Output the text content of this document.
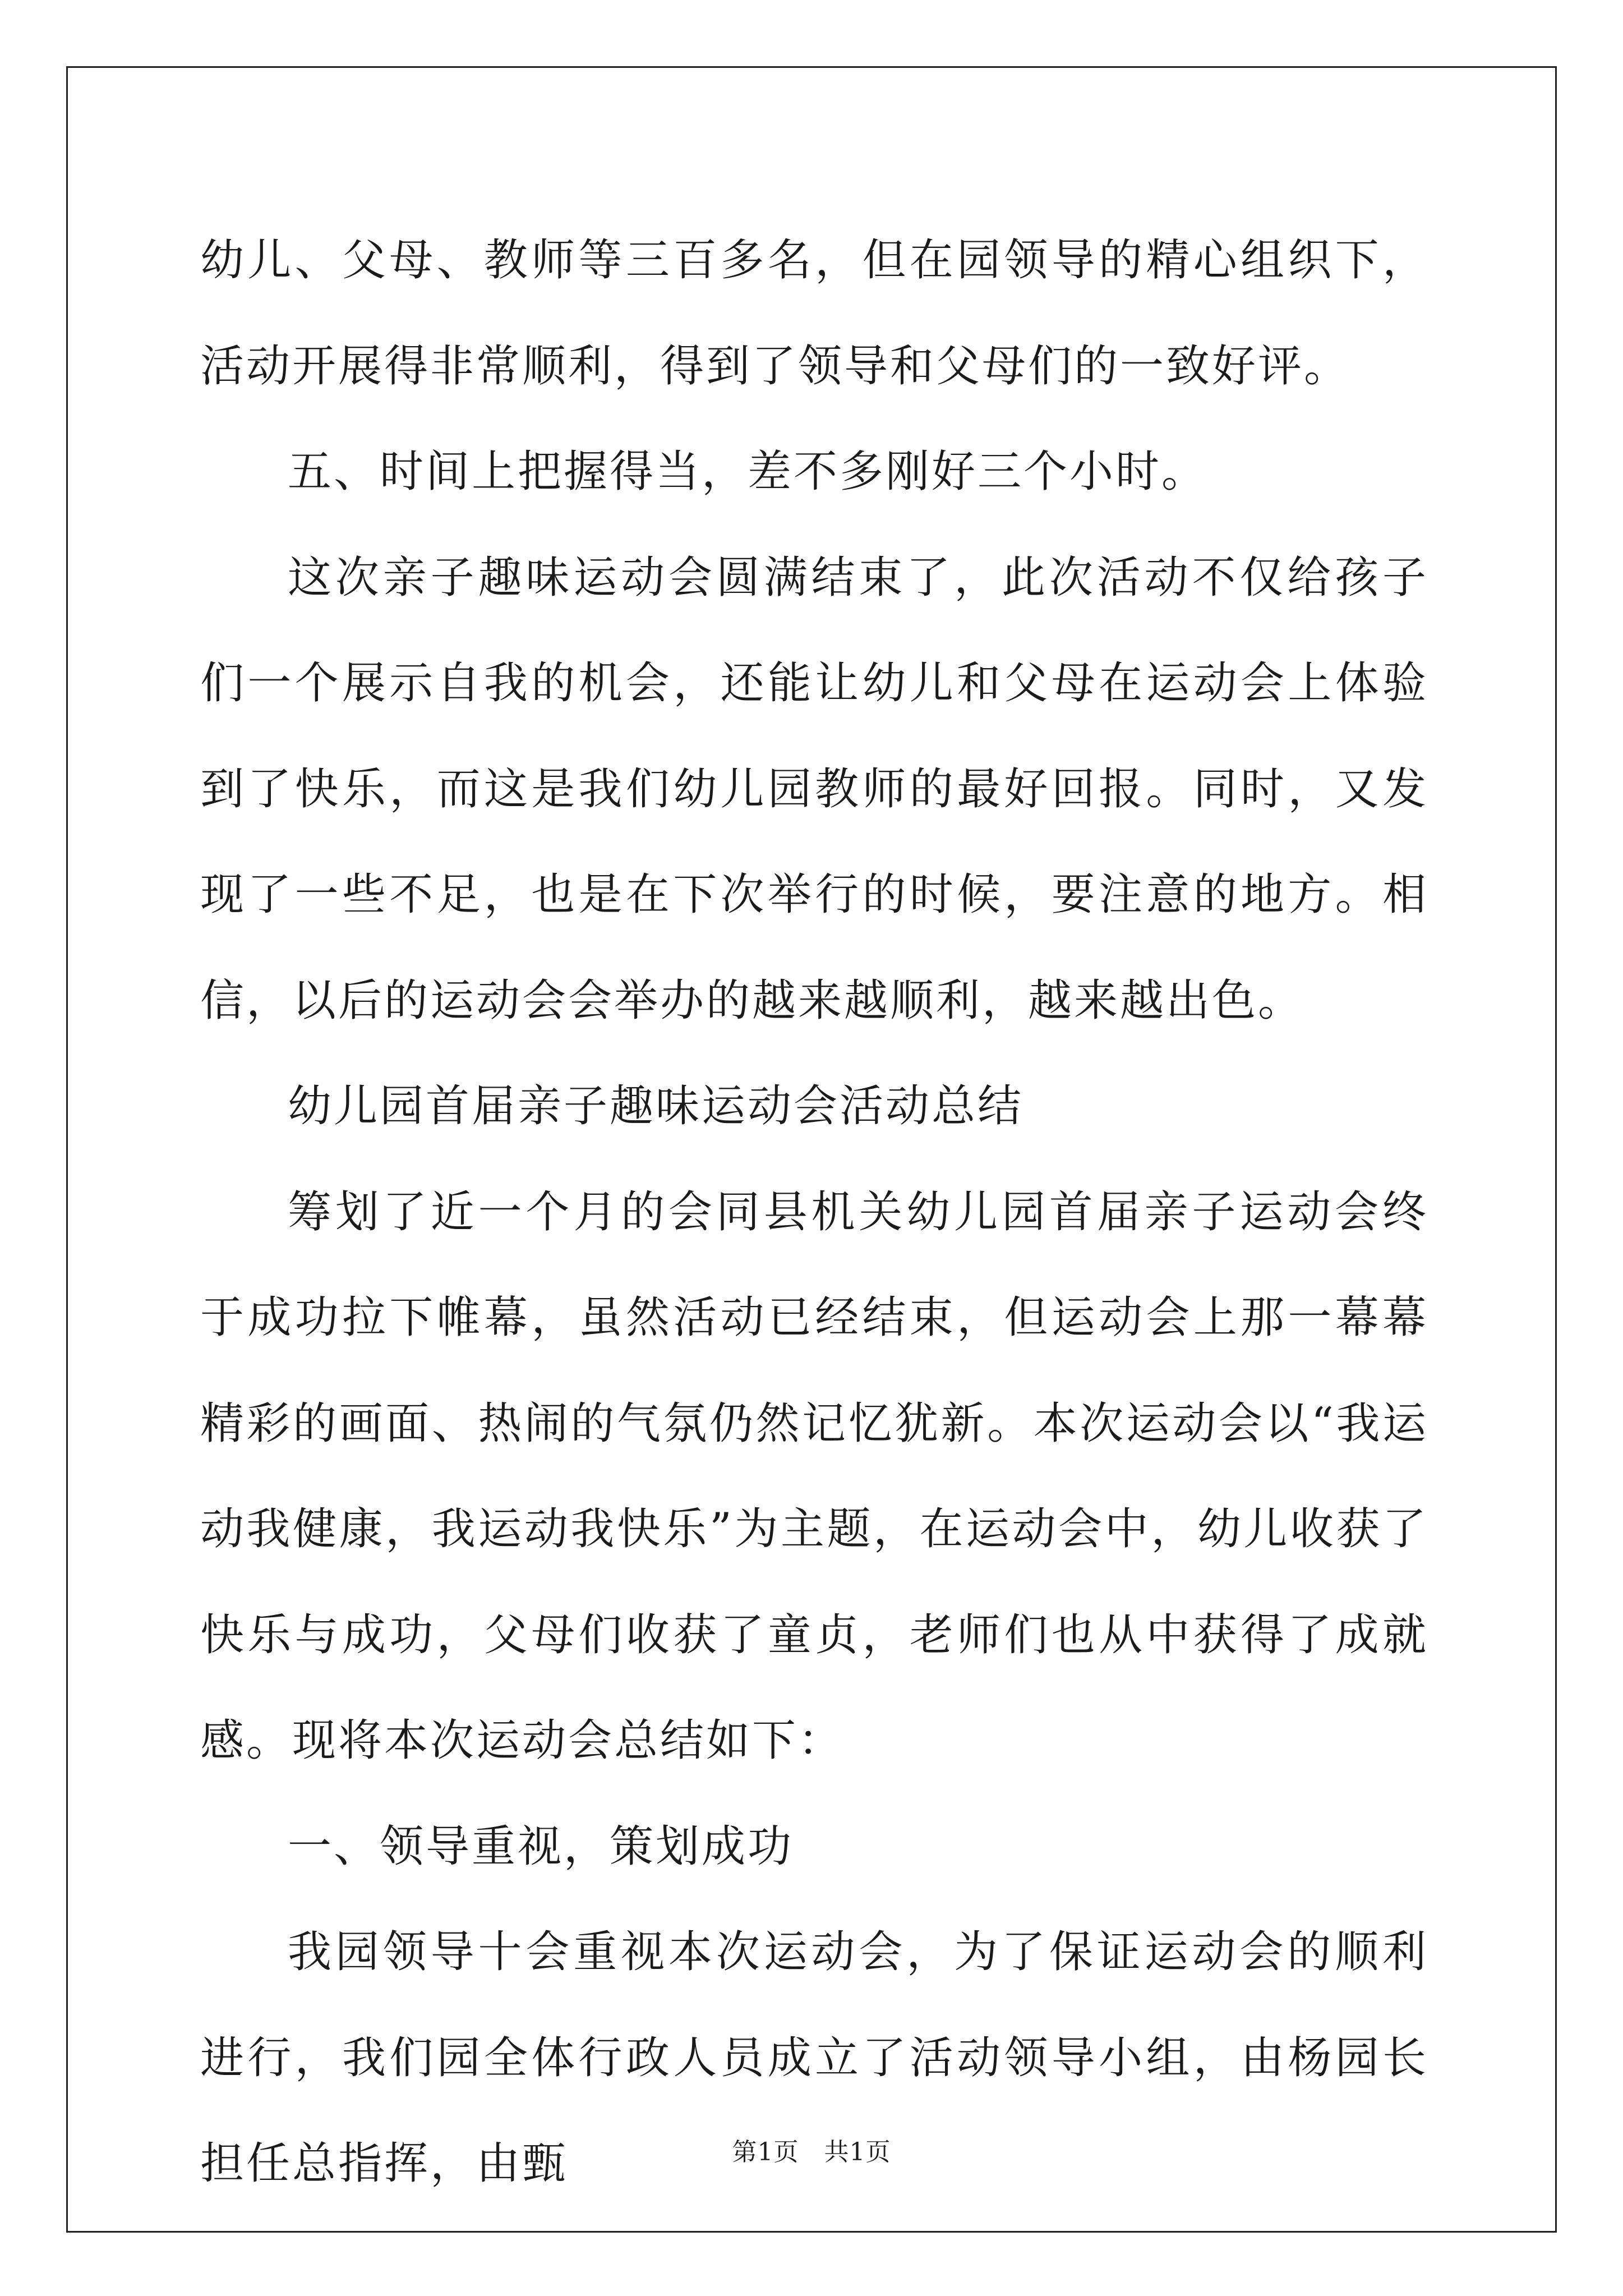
幼儿、父母、教师等三百多名，但在园领导的精心组织下，活动开展得非常顺利，得到了领导和父母们的一致好评。

五、时间上把握得当，差不多刚好三个小时。

这次亲子趣味运动会圆满结束了，此次活动不仅给孩子们一个展示自我的机会，还能让幼儿和父母在运动会上体验到了快乐，而这是我们幼儿园教师的最好回报。同时，又发现了一些不足，也是在下次举行的时候，要注意的地方。相信，以后的运动会会举办的越来越顺利，越来越出色。

幼儿园首届亲子趣味运动会活动总结

筹划了近一个月的会同县机关幼儿园首届亲子运动会终于成功拉下帷幕，虽然活动已经结束，但运动会上那一幕幕精彩的画面、热闹的气氛仍然记忆犹新。本次运动会以“我运动我健康，我运动我快乐”为主题，在运动会中，幼儿收获了快乐与成功，父母们收获了童贞，老师们也从中获得了成就感。现将本次运动会总结如下：

一、领导重视，策划成功

我园领导十会重视本次运动会，为了保证运动会的顺利进行，我们园全体行政人员成立了活动领导小组，由杨园长担任总指挥，由甄	第1页　共1页
